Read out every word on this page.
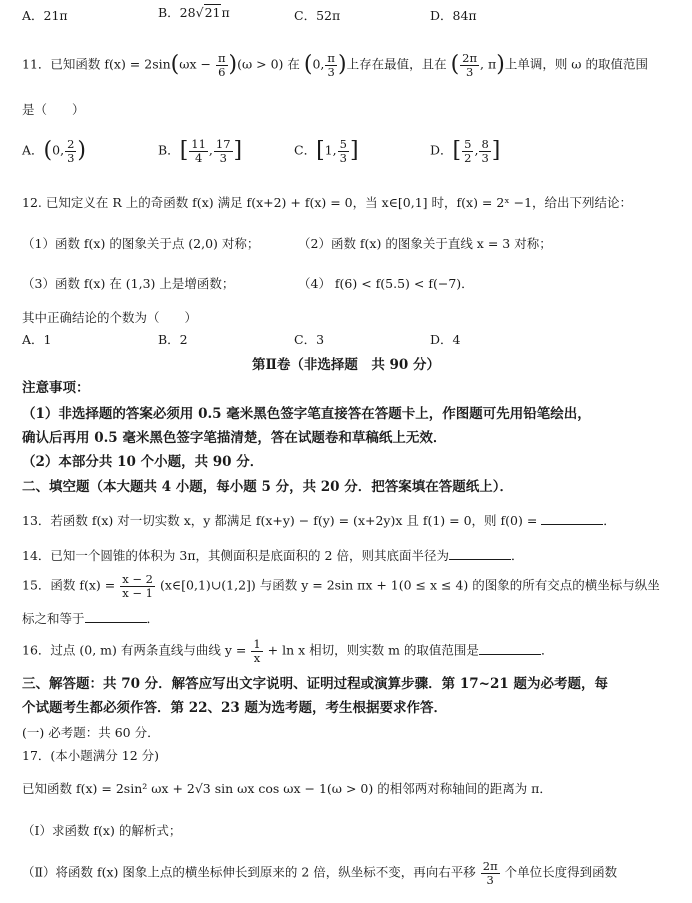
A．21π	B．28√21π	C．52π	D．84π
11．已知函数 $f(x) = 2\sin(\omega x - \frac{\pi}{6} )(\omega > 0)$ 在 (0, $\frac{\pi}{3}$ )上存在最值，且在 ( $\frac{2\pi}{3}$ , π)上单调，则 ω 的取值范围
是（　　）
A．(0, $\frac{2}{3}$ )	B．[ $\frac{11}{4}$ , $\frac{17}{3}$ ]	C．[1, $\frac{5}{3}$ ]	D．[ $\frac{5}{2}$ , $\frac{8}{3}$ ]
12. 已知定义在 R 上的奇函数 f(x) 满足 f(x+2) + f(x) = 0，当 x∈[0,1] 时，f(x) = 2ˣ −1，给出下列结论：
（1）函数 f(x) 的图象关于点 (2,0) 对称；	（2）函数 f(x) 的图象关于直线 x = 3 对称；
（3）函数 f(x) 在 (1,3) 上是增函数；	（4） f(6) < f(5.5) < f(−7)．
其中正确结论的个数为（　　）
A．1	B．2	C．3	D．4
第Ⅱ卷（非选择题　共 90 分）
注意事项：
（1）非选择题的答案必须用 0.5 毫米黑色签字笔直接答在答题卡上，作图题可先用铅笔绘出，
确认后再用 0.5 毫米黑色签字笔描清楚，答在试题卷和草稿纸上无效．
（2）本部分共 10 个小题，共 90 分．
二、填空题（本大题共 4 小题，每小题 5 分，共 20 分．把答案填在答题纸上）．
13．若函数 f(x) 对一切实数 x，y 都满足 f(x+y) − f(y) = (x+2y)x 且 f(1) = 0，则 f(0) =	．
14．已知一个圆锥的体积为 3π，其侧面积是底面积的 2 倍，则其底面半径为	．
15．函数 $f(x) = \frac{x - 2}{x - 1}$ (x∈[0,1)∪(1,2]) 与函数 y = 2sin πx + 1(0 ≤ x ≤ 4) 的图象的所有交点的横坐标与纵坐
标之和等于	．
16．过点 (0, m) 有两条直线与曲线 $y = \frac{1}{x} + \ln x$ 相切，则实数 m 的取值范围是	．
三、解答题：共 70 分．解答应写出文字说明、证明过程或演算步骤．第 17~21 题为必考题，每
个试题考生都必须作答．第 22、23 题为选考题，考生根据要求作答．
(一) 必考题：共 60 分．
17．(本小题满分 12 分)
已知函数 f(x) = 2sin² ωx + 2√3 sin ωx cos ωx − 1(ω > 0) 的相邻两对称轴间的距离为 π．
（Ⅰ）求函数 f(x) 的解析式；
（Ⅱ）将函数 f(x) 图象上点的横坐标伸长到原来的 2 倍，纵坐标不变，再向右平移 $\frac{2\pi}{3}$ 个单位长度得到函数
